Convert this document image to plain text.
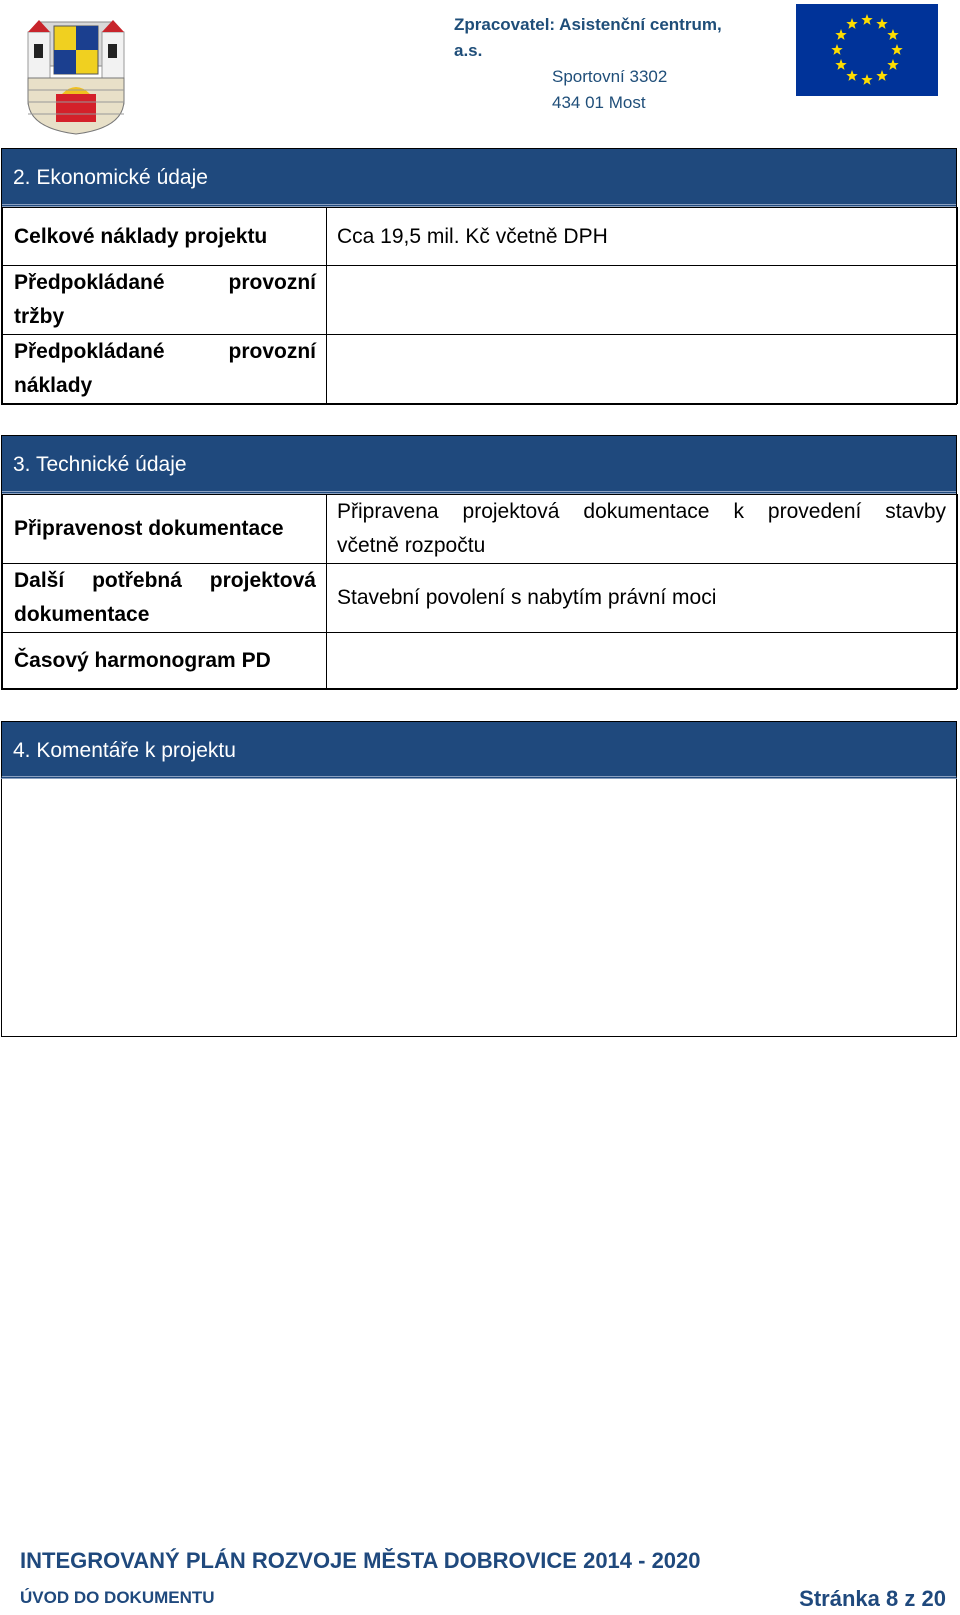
Zpracovatel: Asistenční centrum, a.s.
Sportovní 3302
434 01 Most
2. Ekonomické údaje
Celkové náklady projektu	Cca 19,5 mil. Kč včetně DPH

Předpokládané provozní
tržby	

Předpokládané provozní
náklady	

3. Technické údaje
Připravenost dokumentace	Připravena projektová dokumentace k provedení stavby
včetně rozpočtu

Další potřebná projektová
dokumentace	Stavební povolení s nabytím právní moci
Časový harmonogram PD	
4. Komentáře k projektu
INTEGROVANÝ PLÁN ROZVOJE MĚSTA DOBROVICE 2014 - 2020
ÚVOD DO DOKUMENTU	Stránka 8 z 20
